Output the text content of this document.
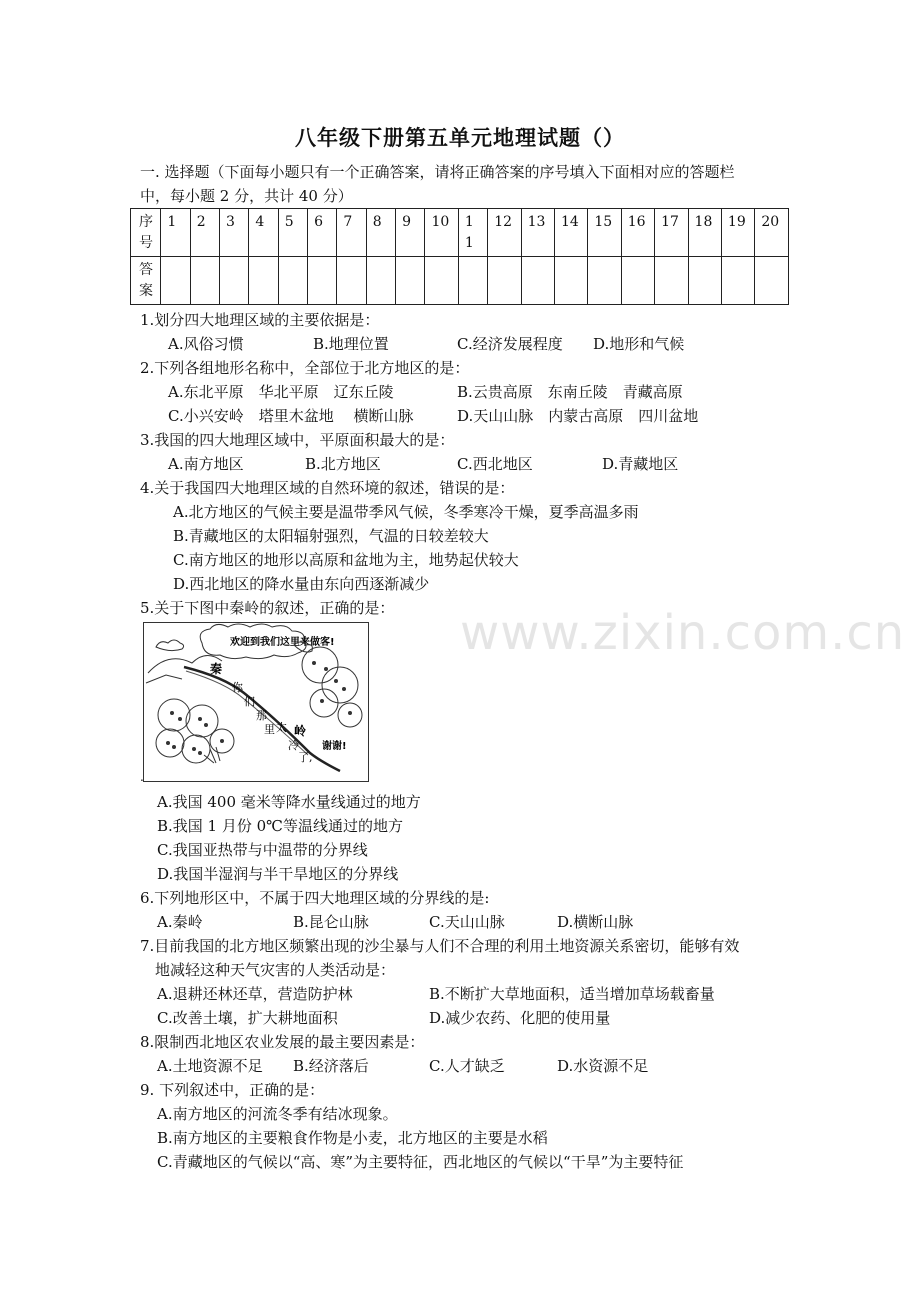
八年级下册第五单元地理试题（）
一. 选择题（下面每小题只有一个正确答案，请将正确答案的序号填入下面相对应的答题栏
中，每小题 2 分，共计 40 分）
序号	1	2	3	4	5	6	7	8	9	10	11	12	13	14	15	16	17	18	19	20

答案																				

1.划分四大地理区域的主要依据是：
A.风俗习惯	B.地理位置	C.经济发展程度 D.地形和气候
2.下列各组地形名称中，全部位于北方地区的是：
A.东北平原　华北平原　辽东丘陵	B.云贵高原　东南丘陵　青藏高原
C.小兴安岭　塔里木盆地　 横断山脉	D.天山山脉　内蒙古高原　四川盆地
3.我国的四大地理区域中，平原面积最大的是：
A.南方地区	B.北方地区	C.西北地区	D.青藏地区
4.关于我国四大地理区域的自然环境的叙述，错误的是：
A.北方地区的气候主要是温带季风气候，冬季寒冷干燥，夏季高温多雨
B.青藏地区的太阳辐射强烈，气温的日较差较大
C.南方地区的地形以高原和盆地为主，地势起伏较大
D.西北地区的降水量由东向西逐渐减少
5.关于下图中秦岭的叙述，正确的是：
欢迎到我们这里来做客!
秦
岭
你
们
那
里 太
冷
了,
谢谢!
.
www.zixin.com.cn
A.我国 400 毫米等降水量线通过的地方
B.我国 1 月份 0℃等温线通过的地方
C.我国亚热带与中温带的分界线
D.我国半湿润与半干旱地区的分界线
6.下列地形区中，不属于四大地理区域的分界线的是:
A.秦岭	B.昆仑山脉	C.天山山脉	D.横断山脉
7.目前我国的北方地区频繁出现的沙尘暴与人们不合理的利用土地资源关系密切，能够有效
地减轻这种天气灾害的人类活动是：
A.退耕还林还草，营造防护林	B.不断扩大草地面积，适当增加草场载畜量
C.改善土壤，扩大耕地面积	D.减少农药、化肥的使用量
8.限制西北地区农业发展的最主要因素是：
A.土地资源不足 B.经济落后	C.人才缺乏	D.水资源不足
9. 下列叙述中，正确的是：
A.南方地区的河流冬季有结冰现象。
B.南方地区的主要粮食作物是小麦，北方地区的主要是水稻
C.青藏地区的气候以“高、寒”为主要特征，西北地区的气候以“干旱”为主要特征
